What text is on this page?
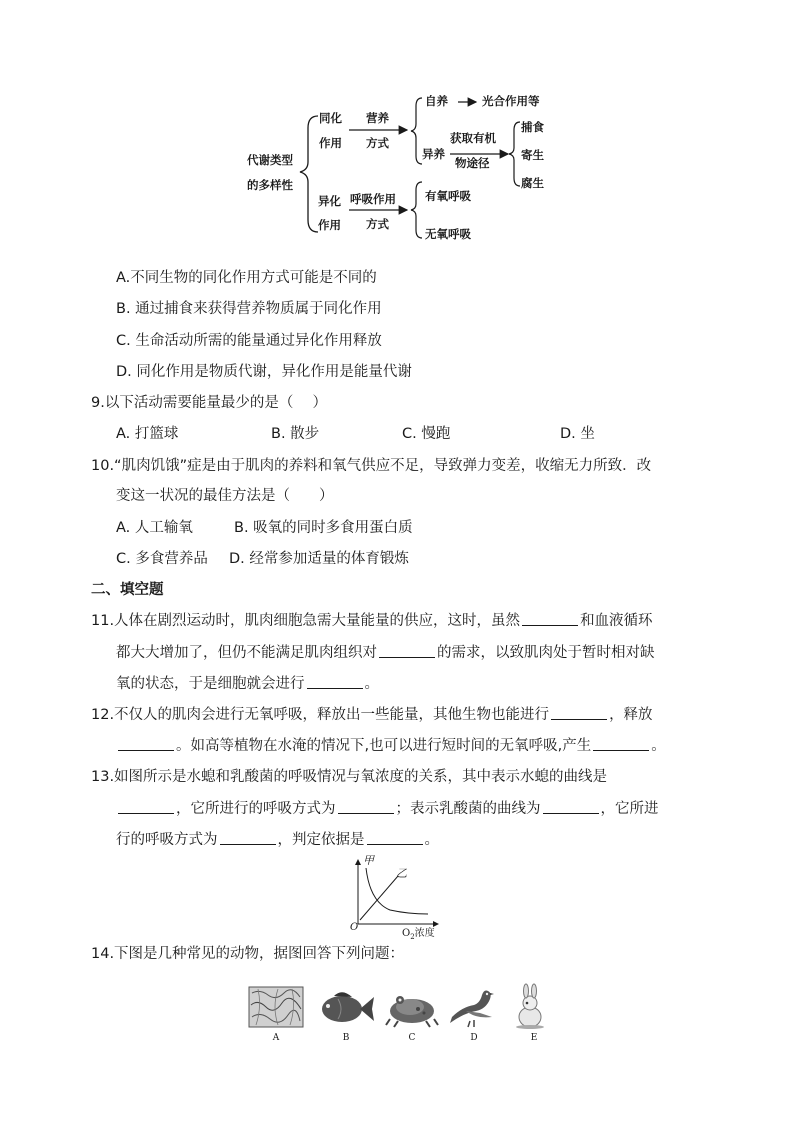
代谢类型
的多样性
同化
作用
营养
方式
自养	光合作用等
异养
获取有机
物途径
捕食
寄生
腐生
异化
作用
呼吸作用
方式
有氧呼吸
无氧呼吸
A.不同生物的同化作用方式可能是不同的
B. 通过捕食来获得营养物质属于同化作用
C. 生命活动所需的能量通过异化作用释放
D. 同化作用是物质代谢，异化作用是能量代谢
9.以下活动需要能量最少的是（　 ）
A. 打篮球	B. 散步	C. 慢跑	D. 坐
10.“肌肉饥饿”症是由于肌肉的养料和氧气供应不足，导致弹力变差，收缩无力所致．改
变这一状况的最佳方法是（　　）
A. 人工输氧	B. 吸氧的同时多食用蛋白质
C. 多食营养品 D. 经常参加适量的体育锻炼
二、填空题
11.人体在剧烈运动时，肌肉细胞急需大量能量的供应，这时，虽然	和血液循环
都大大增加了，但仍不能满足肌肉组织对	的需求，以致肌肉处于暂时相对缺
氧的状态，于是细胞就会进行	。
12.不仅人的肌肉会进行无氧呼吸，释放出一些能量，其他生物也能进行	，释放
。如高等植物在水淹的情况下,也可以进行短时间的无氧呼吸,产生	。
13.如图所示是水螅和乳酸菌的呼吸情况与氧浓度的关系，其中表示水螅的曲线是
，它所进行的呼吸方式为	；表示乳酸菌的曲线为	，它所进
行的呼吸方式为	，判定依据是	。
甲
乙
O
$O_2$浓度
14.下图是几种常见的动物，据图回答下列问题：
A	B	C	D	E
